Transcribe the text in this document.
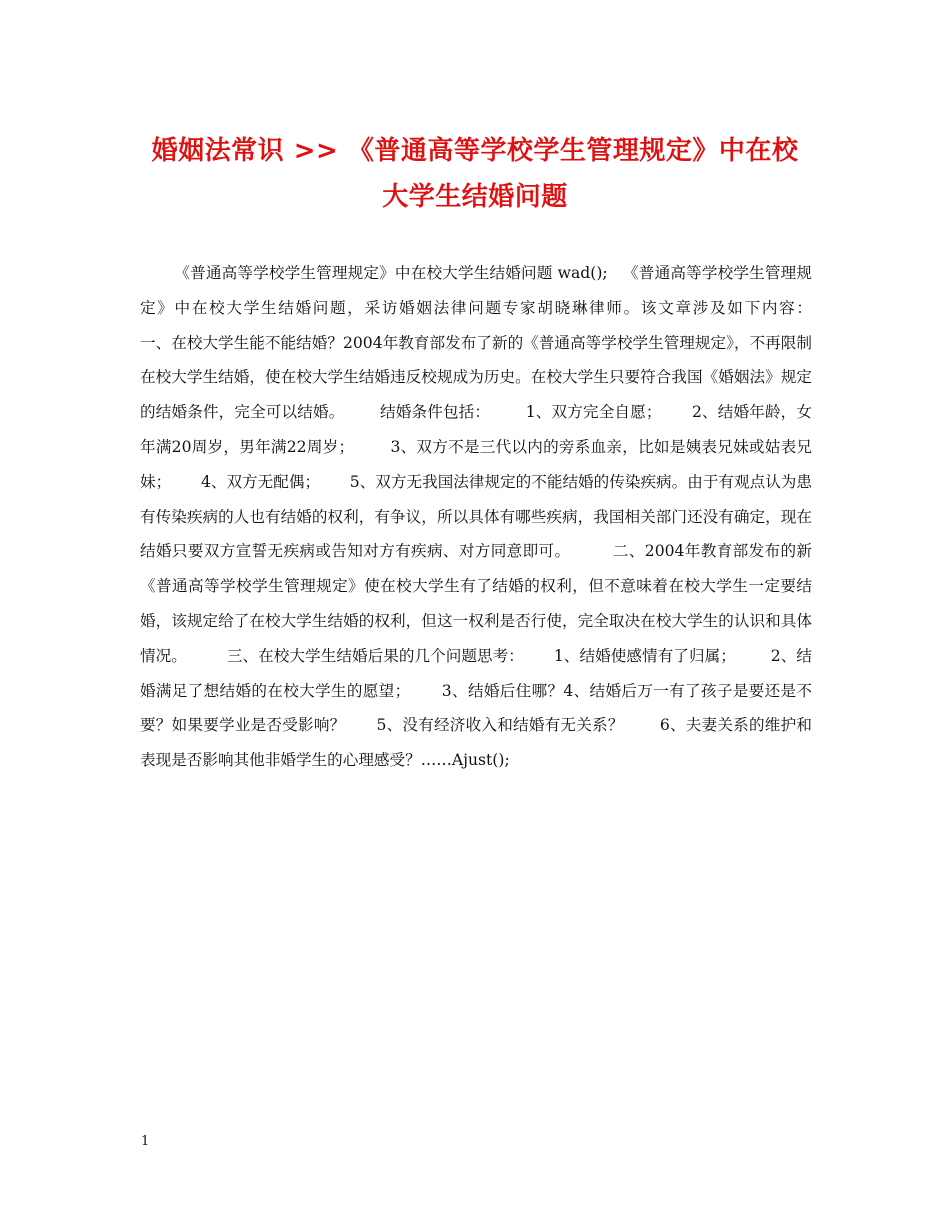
婚姻法常识 >> 《普通高等学校学生管理规定》中在校大学生结婚问题

《普通高等学校学生管理规定》中在校大学生结婚问题 wad();   《普通高等学校学生管理规定》中在校大学生结婚问题，采访婚姻法律问题专家胡晓琳律师。该文章涉及如下内容：       一、在校大学生能不能结婚？2004年教育部发布了新的《普通高等学校学生管理规定》，不再限制在校大学生结婚，使在校大学生结婚违反校规成为历史。在校大学生只要符合我国《婚姻法》规定的结婚条件，完全可以结婚。       结婚条件包括：       1、双方完全自愿；      2、结婚年龄，女年满20周岁，男年满22周岁；       3、双方不是三代以内的旁系血亲，比如是姨表兄妹或姑表兄妹；      4、双方无配偶；      5、双方无我国法律规定的不能结婚的传染疾病。由于有观点认为患有传染疾病的人也有结婚的权利，有争议，所以具体有哪些疾病，我国相关部门还没有确定，现在结婚只要双方宣誓无疾病或告知对方有疾病、对方同意即可。        二、2004年教育部发布的新《普通高等学校学生管理规定》使在校大学生有了结婚的权利，但不意味着在校大学生一定要结婚，该规定给了在校大学生结婚的权利，但这一权利是否行使，完全取决在校大学生的认识和具体情况。        三、在校大学生结婚后果的几个问题思考：      1、结婚使感情有了归属；       2、结婚满足了想结婚的在校大学生的愿望；      3、结婚后住哪？4、结婚后万一有了孩子是要还是不要？如果要学业是否受影响？      5、没有经济收入和结婚有无关系？       6、夫妻关系的维护和表现是否影响其他非婚学生的心理感受？……Ajust();

1
